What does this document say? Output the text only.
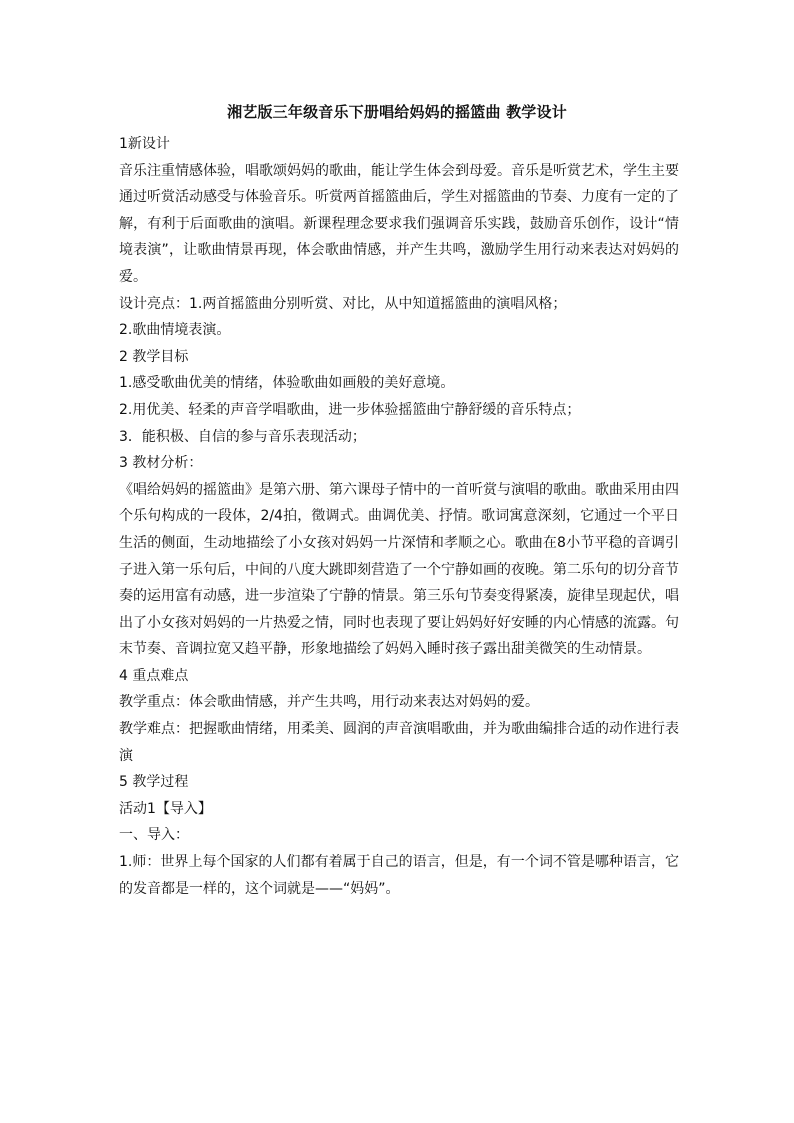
湘艺版三年级音乐下册唱给妈妈的摇篮曲 教学设计

1新设计

音乐注重情感体验，唱歌颂妈妈的歌曲，能让学生体会到母爱。音乐是听赏艺术，学生主要通过听赏活动感受与体验音乐。听赏两首摇篮曲后，学生对摇篮曲的节奏、力度有一定的了解，有利于后面歌曲的演唱。新课程理念要求我们强调音乐实践，鼓励音乐创作，设计“情境表演”，让歌曲情景再现，体会歌曲情感，并产生共鸣，激励学生用行动来表达对妈妈的爱。

设计亮点：1.两首摇篮曲分别听赏、对比，从中知道摇篮曲的演唱风格；

2.歌曲情境表演。

2 教学目标

1.感受歌曲优美的情绪，体验歌曲如画般的美好意境。

2.用优美、轻柔的声音学唱歌曲，进一步体验摇篮曲宁静舒缓的音乐特点；

3．能积极、自信的参与音乐表现活动；

3 教材分析：

《唱给妈妈的摇篮曲》是第六册、第六课母子情中的一首听赏与演唱的歌曲。歌曲采用由四个乐句构成的一段体，2/4拍，徵调式。曲调优美、抒情。歌词寓意深刻，它通过一个平日生活的侧面，生动地描绘了小女孩对妈妈一片深情和孝顺之心。歌曲在8小节平稳的音调引子进入第一乐句后，中间的八度大跳即刻营造了一个宁静如画的夜晚。第二乐句的切分音节奏的运用富有动感，进一步渲染了宁静的情景。第三乐句节奏变得紧凑，旋律呈现起伏，唱出了小女孩对妈妈的一片热爱之情，同时也表现了要让妈妈好好安睡的内心情感的流露。句末节奏、音调拉宽又趋平静，形象地描绘了妈妈入睡时孩子露出甜美微笑的生动情景。

4 重点难点

教学重点：体会歌曲情感，并产生共鸣，用行动来表达对妈妈的爱。

教学难点：把握歌曲情绪，用柔美、圆润的声音演唱歌曲，并为歌曲编排合适的动作进行表演

5 教学过程

活动1【导入】

一、导入：

1.师：世界上每个国家的人们都有着属于自己的语言，但是，有一个词不管是哪种语言，它的发音都是一样的，这个词就是——“妈妈”。
